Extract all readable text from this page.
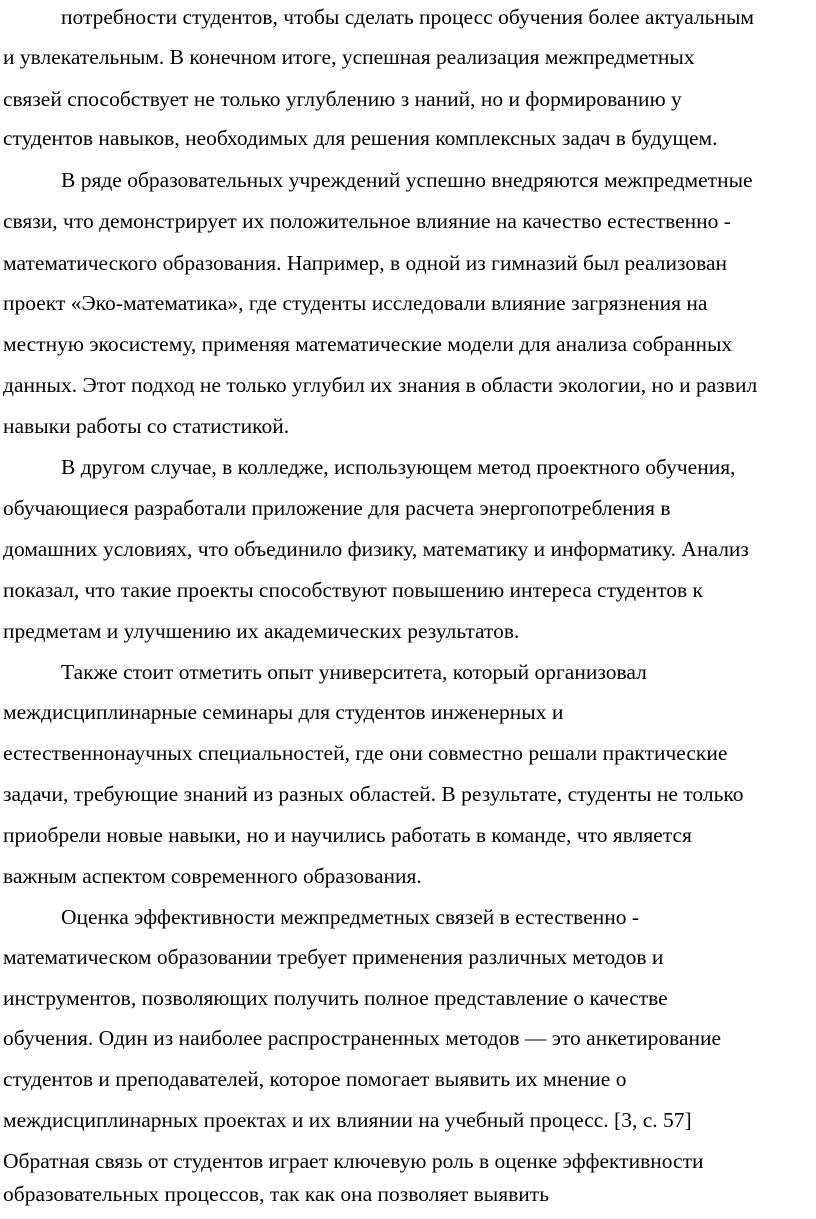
потребности студентов, чтобы сделать процесс обучения более актуальным
и увлекательным. В конечном итоге, успешная реализация межпредметных
связей способствует не только углублению з наний, но и формированию у
студентов навыков, необходимых для решения комплексных задач в будущем.
В ряде образовательных учреждений успешно внедряются межпредметные
связи, что демонстрирует их положительное влияние на качество естественно -
математического образования. Например, в одной из гимназий был реализован
проект «Эко-математика», где студенты исследовали влияние загрязнения на
местную экосистему, применяя математические модели для анализа собранных
данных. Этот подход не только углубил их знания в области экологии, но и развил
навыки работы со статистикой.
В другом случае, в колледже, использующем метод проектного обучения,
обучающиеся разработали приложение для расчета энергопотребления в
домашних условиях, что объединило физику, математику и информатику. Анализ
показал, что такие проекты способствуют повышению интереса студентов к
предметам и улучшению их академических результатов.
Также стоит отметить опыт университета, который организовал
междисциплинарные семинары для студентов инженерных и
естественнонаучных специальностей, где они совместно решали практические
задачи, требующие знаний из разных областей. В результате, студенты не только
приобрели новые навыки, но и научились работать в команде, что является
важным аспектом современного образования.
Оценка эффективности межпредметных связей в естественно -
математическом образовании требует применения различных методов и
инструментов, позволяющих получить полное представление о качестве
обучения. Один из наиболее распространенных методов — это анкетирование
студентов и преподавателей, которое помогает выявить их мнение о
междисциплинарных проектах и их влиянии на учебный процесс. [3, с. 57]
Обратная связь от студентов играет ключевую роль в оценке эффективности
образовательных процессов, так как она позволяет выявить
